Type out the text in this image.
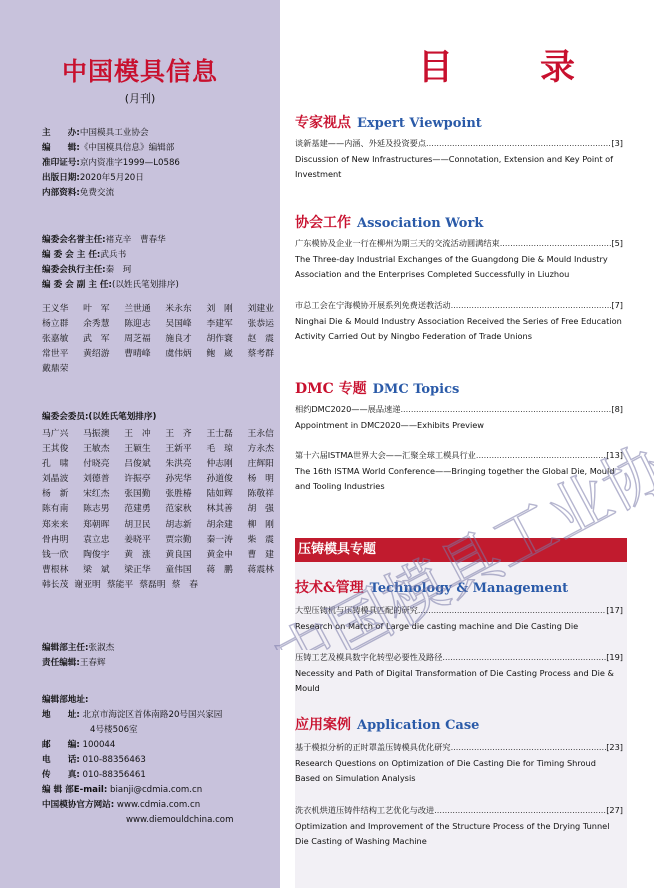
中国模具信息
(月刊)
主　　办:中国模具工业协会
编　　辑:《中国模具信息》编辑部
准印证号:京内资准字1999—L0586
出版日期:2020年5月20日
内部资料:免费交流
编委会名誉主任:褚克辛　曹春华
编 委 会 主 任:武兵书
编委会执行主任:秦　珂
编 委 会 副 主 任:(以姓氏笔划排序)
王义华 叶　军 兰世通 米永东 刘　刚 刘建业
杨立群 余秀慧 陈迎志 吴国峰 李建军 张恭运
张嘉敏 武　军 周芝福 施良才 胡作寰 赵　震
常世平 黄绍游 曹晴峰 虞伟炳 鲍　崴 蔡考群
戴鼎荣
编委会委员:(以姓氏笔划排序)
马广兴 马振澳 王　冲 王　齐 王士磊 王永信
王其俊 王敏杰 王颖生 王新平 毛　琼 方永杰
孔　啸 付晓亮 吕俊斌 朱洪亮 仲志刚 庄辉阳
刘晶波 刘德普 许振亭 孙宪华 孙道俊 杨　明
杨　新 宋红杰 张国勤 张胜椿 陆如辉 陈敬祥
陈有南 陈志男 范建勇 范家秋 林其善 胡　强
郑来来 郑朝晖 胡卫民 胡志新 胡余建 柳　刚
骨冉明 袁立忠 姜晓平 贾宗勤 秦一涛 柴　震
钱一欣 陶俊宇 黄　涨 黄良国 黄金申 曹　建
曹根林 梁　斌 梁正华 童伟国 蒋　鹏 蒋震林
韩长茂 谢亚明 蔡能平 蔡磊明 蔡　春
编辑部主任:张淑杰
责任编辑:王春辉
编辑部地址:
地　　址: 北京市海淀区首体南路20号国兴家园
4号楼506室
邮　　编: 100044
电　　话: 010-88356463
传　　真: 010-88356461
编 辑 部E-mail: bianji@cdmia.com.cn
中国模协官方网站: www.cdmia.com.cn
www.diemouldchina.com
目　录
专家视点 Expert Viewpoint
谈新基建——内涵、外延及投资要点 .....	[3]
Discussion of New Infrastructures——Connotation, Extension and Key Point of Investment
协会工作 Association Work
广东模协及企业一行在柳州为期三天的交流活动圆满结束 .....	[5]
The Three-day Industrial Exchanges of the Guangdong Die & Mould Industry Association and the Enterprises Completed Successfully in Liuzhou
市总工会在宁海模协开展系列免费送教活动 .....	[7]
Ninghai Die & Mould Industry Association Received the Series of Free Education Activity Carried Out by Ningbo Federation of Trade Unions
DMC 专题 DMC Topics
相约DMC2020——展品速递 .....	[8]
Appointment in DMC2020——Exhibits Preview
第十六届ISTMA世界大会——汇聚全球工模具行业 .....	[13]
The 16th ISTMA World Conference——Bringing together the Global Die, Mould and Tooling Industries
压铸模具专题
技术&管理 Technology & Management
大型压铸机与压铸模具匹配的研究 .....	[17]
Research on Match of Large die casting machine and Die Casting Die
压铸工艺及模具数字化转型必要性及路径 .....	[19]
Necessity and Path of Digital Transformation of Die Casting Process and Die & Mould
应用案例 Application Case
基于模拟分析的正时罩盖压铸模具优化研究 .....	[23]
Research Questions on Optimization of Die Casting Die for Timing Shroud Based on Simulation Analysis
洗衣机烘道压铸件结构工艺优化与改进 .....	[27]
Optimization and Improvement of the Structure Process of the Drying Tunnel Die Casting of Washing Machine
